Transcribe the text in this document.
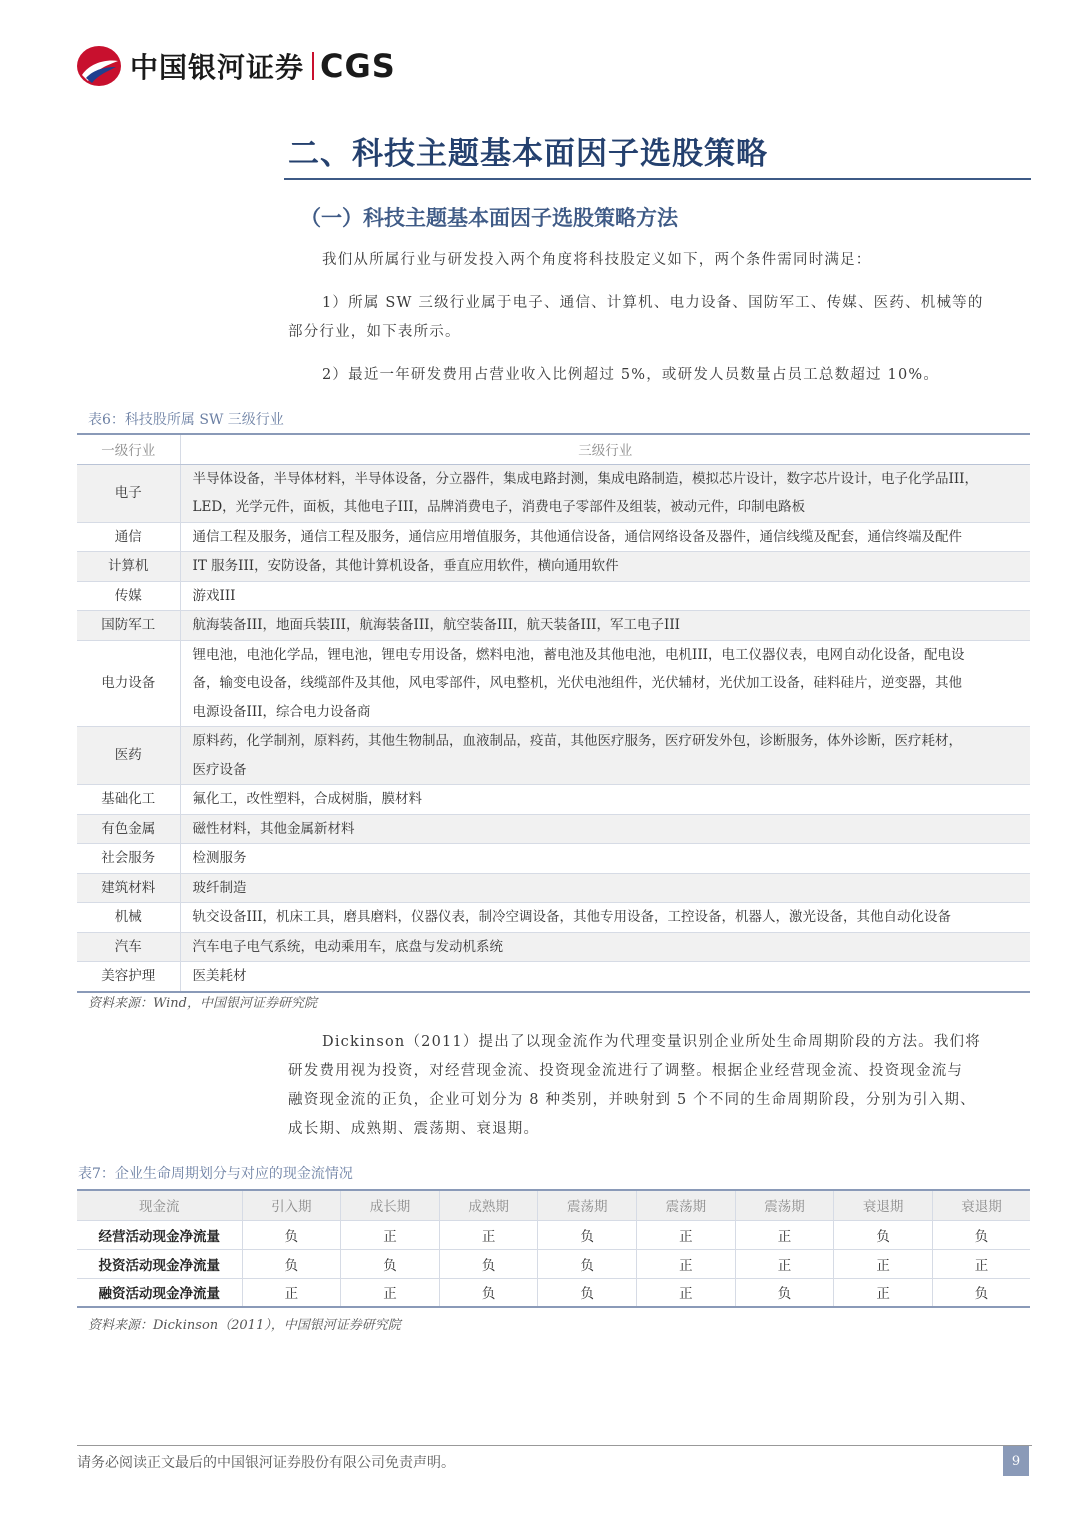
中国银河证券 CGS
二、科技主题基本面因子选股策略
（一）科技主题基本面因子选股策略方法
我们从所属行业与研发投入两个角度将科技股定义如下，两个条件需同时满足：
1）所属 SW 三级行业属于电子、通信、计算机、电力设备、国防军工、传媒、医药、机械等的
部分行业，如下表所示。
2）最近一年研发费用占营业收入比例超过 5%，或研发人员数量占员工总数超过 10%。
表6：科技股所属 SW 三级行业
一级行业	三级行业
电子	半导体设备，半导体材料，半导体设备，分立器件，集成电路封测，集成电路制造，模拟芯片设计，数字芯片设计，电子化学品III，
LED，光学元件，面板，其他电子III，品牌消费电子，消费电子零部件及组装，被动元件，印制电路板

通信	通信工程及服务，通信工程及服务，通信应用增值服务，其他通信设备，通信网络设备及器件，通信线缆及配套，通信终端及配件

计算机	IT 服务III，安防设备，其他计算机设备，垂直应用软件，横向通用软件

传媒	游戏III

国防军工	航海装备III，地面兵装III，航海装备III，航空装备III，航天装备III，军工电子III

电力设备	锂电池，电池化学品，锂电池，锂电专用设备，燃料电池，蓄电池及其他电池，电机III，电工仪器仪表，电网自动化设备，配电设
备，输变电设备，线缆部件及其他，风电零部件，风电整机，光伏电池组件，光伏辅材，光伏加工设备，硅料硅片，逆变器，其他
电源设备III，综合电力设备商

医药	原料药，化学制剂，原料药，其他生物制品，血液制品，疫苗，其他医疗服务，医疗研发外包，诊断服务，体外诊断，医疗耗材，
医疗设备

基础化工	氟化工，改性塑料，合成树脂，膜材料

有色金属	磁性材料，其他金属新材料

社会服务	检测服务

建筑材料	玻纤制造

机械	轨交设备III，机床工具，磨具磨料，仪器仪表，制冷空调设备，其他专用设备，工控设备，机器人，激光设备，其他自动化设备

汽车	汽车电子电气系统，电动乘用车，底盘与发动机系统

美容护理	医美耗材
资料来源：Wind，中国银河证券研究院
Dickinson（2011）提出了以现金流作为代理变量识别企业所处生命周期阶段的方法。我们将
研发费用视为投资，对经营现金流、投资现金流进行了调整。根据企业经营现金流、投资现金流与
融资现金流的正负，企业可划分为 8 种类别，并映射到 5 个不同的生命周期阶段，分别为引入期、
成长期、成熟期、震荡期、衰退期。
表7：企业生命周期划分与对应的现金流情况
现金流	引入期	成长期	成熟期	震荡期	震荡期	震荡期	衰退期	衰退期
经营活动现金净流量	负	正	正	负	正	正	负	负
投资活动现金净流量	负	负	负	负	正	正	正	正
融资活动现金净流量	正	正	负	负	正	负	正	负
资料来源：Dickinson（2011），中国银河证券研究院
请务必阅读正文最后的中国银河证券股份有限公司免责声明。	9
